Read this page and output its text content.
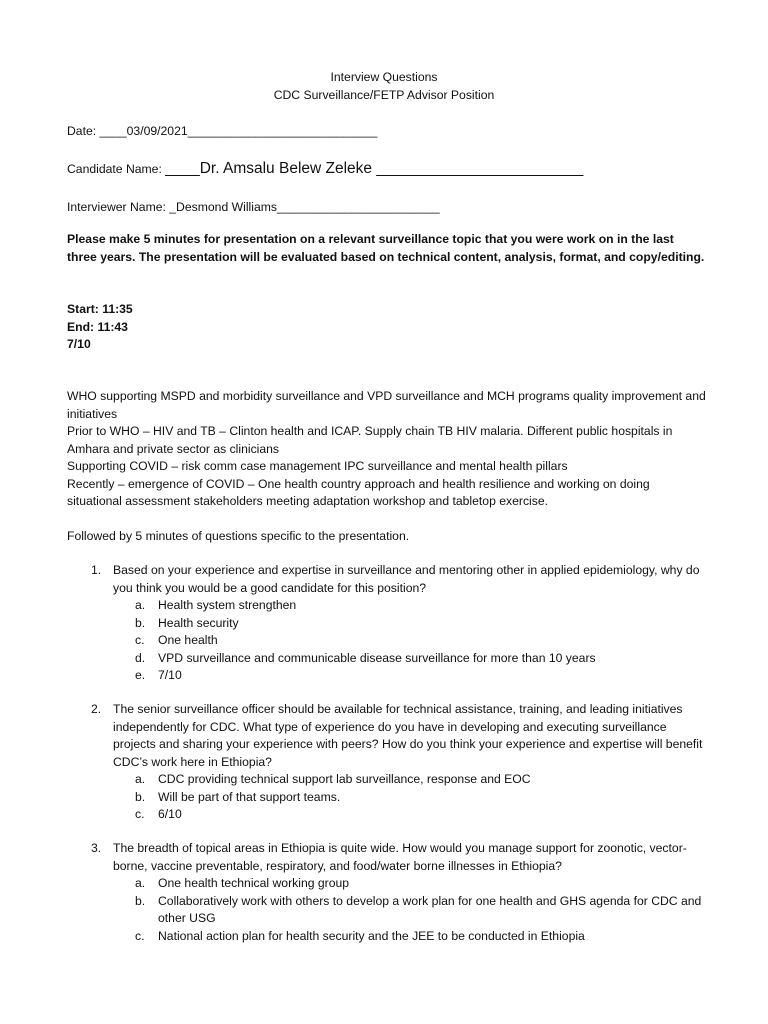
Interview Questions
CDC Surveillance/FETP Advisor Position
Date: ____03/09/2021____________________________
Candidate Name: ____Dr. Amsalu Belew Zeleke ________________________
Interviewer Name: _Desmond Williams________________________
Please make 5 minutes for presentation on a relevant surveillance topic that you were work on in the last three years. The presentation will be evaluated based on technical content, analysis, format, and copy/editing.
Start: 11:35
End: 11:43
7/10
WHO supporting MSPD and morbidity surveillance and VPD surveillance and MCH programs quality improvement and initiatives
Prior to WHO – HIV and TB – Clinton health and ICAP. Supply chain TB HIV malaria. Different public hospitals in Amhara and private sector as clinicians
Supporting COVID – risk comm case management IPC surveillance and mental health pillars
Recently – emergence of COVID – One health country approach and health resilience and working on doing situational assessment stakeholders meeting adaptation workshop and tabletop exercise.
Followed by 5 minutes of questions specific to the presentation.
1. Based on your experience and expertise in surveillance and mentoring other in applied epidemiology, why do you think you would be a good candidate for this position?
a. Health system strengthen
b. Health security
c. One health
d. VPD surveillance and communicable disease surveillance for more than 10 years
e. 7/10
2. The senior surveillance officer should be available for technical assistance, training, and leading initiatives independently for CDC. What type of experience do you have in developing and executing surveillance projects and sharing your experience with peers? How do you think your experience and expertise will benefit CDC’s work here in Ethiopia?
a. CDC providing technical support lab surveillance, response and EOC
b. Will be part of that support teams.
c. 6/10
3. The breadth of topical areas in Ethiopia is quite wide. How would you manage support for zoonotic, vector-borne, vaccine preventable, respiratory, and food/water borne illnesses in Ethiopia?
a. One health technical working group
b. Collaboratively work with others to develop a work plan for one health and GHS agenda for CDC and other USG
c. National action plan for health security and the JEE to be conducted in Ethiopia
